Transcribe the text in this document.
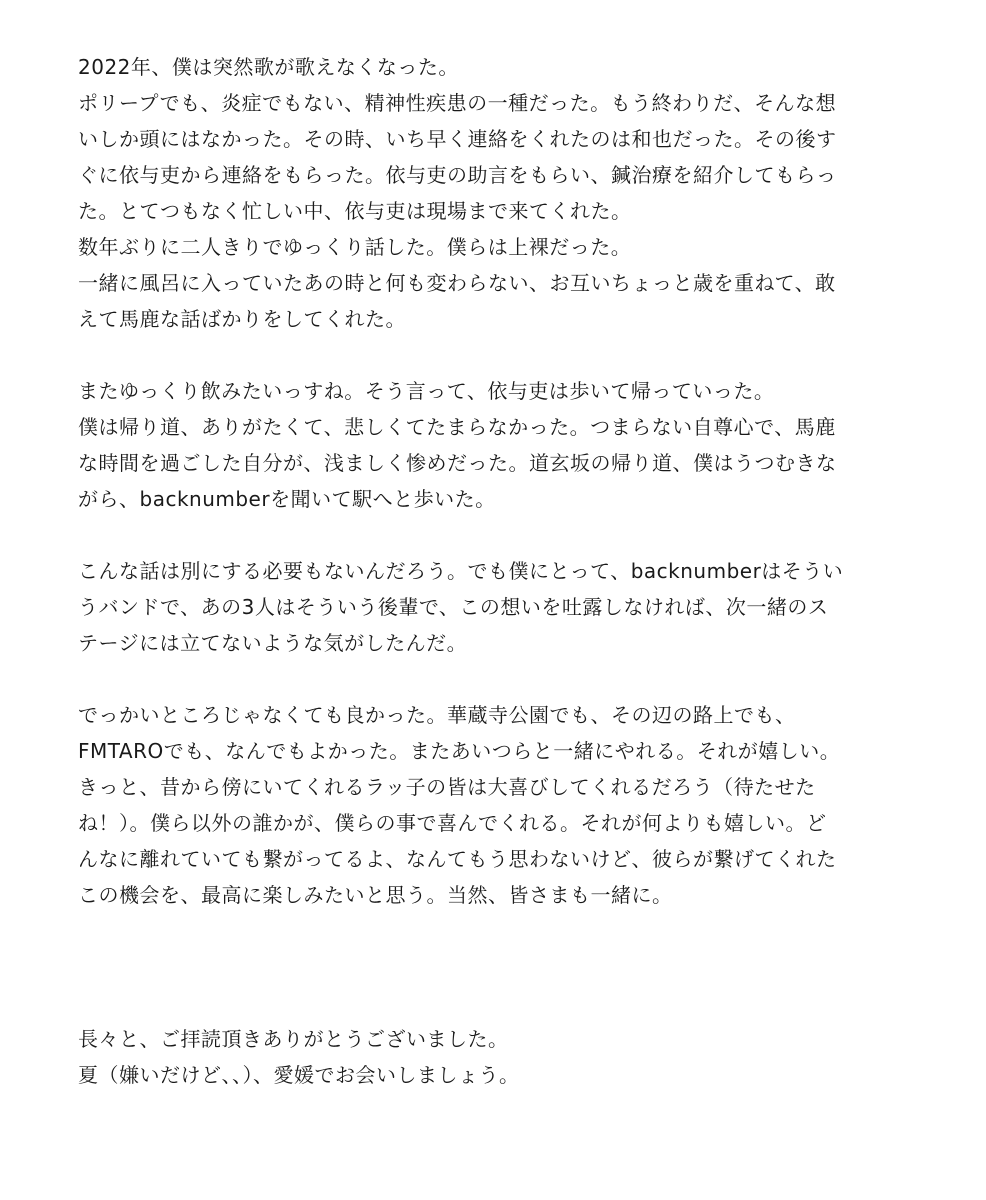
2022年、僕は突然歌が歌えなくなった。
ポリープでも、炎症でもない、精神性疾患の一種だった。もう終わりだ、そんな想
いしか頭にはなかった。その時、いち早く連絡をくれたのは和也だった。その後す
ぐに依与吏から連絡をもらった。依与吏の助言をもらい、鍼治療を紹介してもらっ
た。とてつもなく忙しい中、依与吏は現場まで来てくれた。
数年ぶりに二人きりでゆっくり話した。僕らは上裸だった。
一緒に風呂に入っていたあの時と何も変わらない、お互いちょっと歳を重ねて、敢
えて馬鹿な話ばかりをしてくれた。
またゆっくり飲みたいっすね。そう言って、依与吏は歩いて帰っていった。
僕は帰り道、ありがたくて、悲しくてたまらなかった。つまらない自尊心で、馬鹿
な時間を過ごした自分が、浅ましく惨めだった。道玄坂の帰り道、僕はうつむきな
がら、backnumberを聞いて駅へと歩いた。
こんな話は別にする必要もないんだろう。でも僕にとって、backnumberはそうい
うバンドで、あの3人はそういう後輩で、この想いを吐露しなければ、次一緒のス
テージには立てないような気がしたんだ。
でっかいところじゃなくても良かった。華蔵寺公園でも、その辺の路上でも、
FMTAROでも、なんでもよかった。またあいつらと一緒にやれる。それが嬉しい。
きっと、昔から傍にいてくれるラッ子の皆は大喜びしてくれるだろう（待たせた
ね！）。僕ら以外の誰かが、僕らの事で喜んでくれる。それが何よりも嬉しい。ど
んなに離れていても繋がってるよ、なんてもう思わないけど、彼らが繋げてくれた
この機会を、最高に楽しみたいと思う。当然、皆さまも一緒に。
長々と、ご拝読頂きありがとうございました。
夏（嫌いだけど、、）、愛媛でお会いしましょう。
